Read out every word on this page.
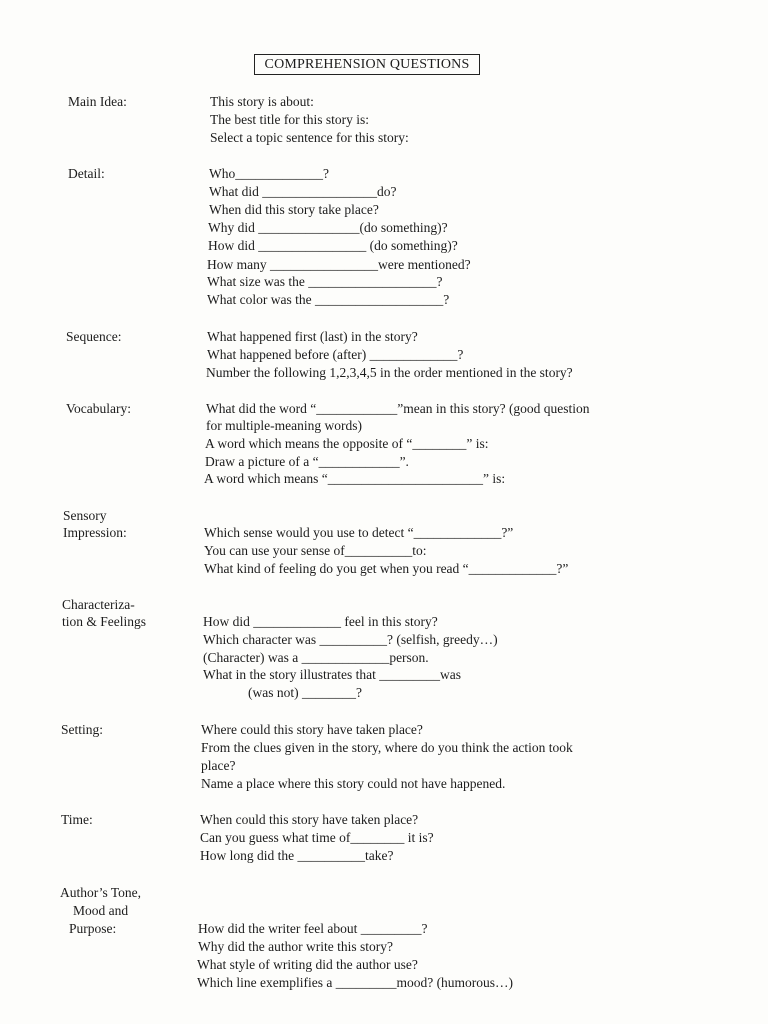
COMPREHENSION QUESTIONS
Main Idea:	This story is about:
The best title for this story is:
Select a topic sentence for this story:
Detail:	Who_____________?
What did _________________do?
When did this story take place?
Why did _______________(do something)?
How did ________________ (do something)?
How many ________________were mentioned?
What size was the ___________________?
What color was the ___________________?
Sequence:	What happened first (last) in the story?
What happened before (after) _____________?
Number the following 1,2,3,4,5 in the order mentioned in the story?
Vocabulary:	What did the word “____________”mean in this story? (good question
for multiple-meaning words)
A word which means the opposite of “________” is:
Draw a picture of a “____________”.
A word which means “_______________________” is:
Sensory
Impression:	Which sense would you use to detect “_____________?”
You can use your sense of__________to:
What kind of feeling do you get when you read “_____________?”
Characteriza-
tion & Feelings	How did _____________ feel in this story?
Which character was __________? (selfish, greedy…)
(Character) was a _____________person.
What in the story illustrates that _________was
(was not) ________?
Setting:	Where could this story have taken place?
From the clues given in the story, where do you think the action took
place?
Name a place where this story could not have happened.
Time:	When could this story have taken place?
Can you guess what time of________ it is?
How long did the __________take?
Author’s Tone,
Mood and
Purpose:	How did the writer feel about _________?
Why did the author write this story?
What style of writing did the author use?
Which line exemplifies a _________mood? (humorous…)
